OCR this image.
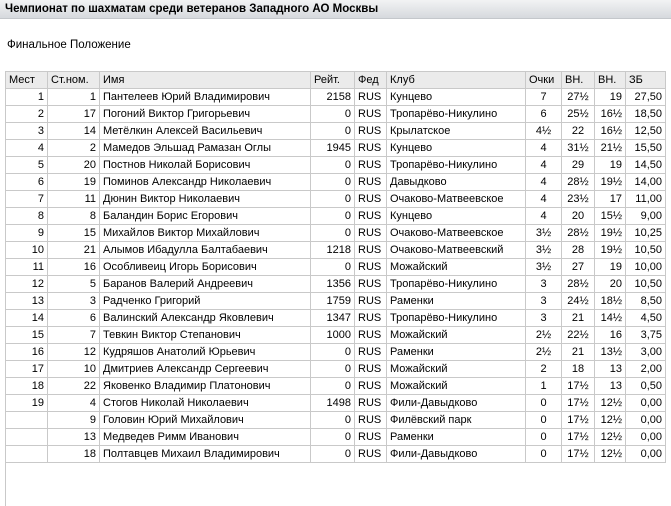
Чемпионат по шахматам среди ветеранов Западного АО Москвы
Финальное Положение
Мест	Ст.ном.	Имя	Рейт.	Фед	Клуб	Очки	ВН.	ВН.	ЗБ
1	1	Пантелеев Юрий Владимирович	2158	RUS	Кунцево	7	27½	19	27,50
2	17	Погоний Виктор Григорьевич	0	RUS	Тропарёво-Никулино	6	25½	16½	18,50
3	14	Метёлкин Алексей Васильевич	0	RUS	Крылатское	4½	22	16½	12,50
4	2	Мамедов Эльшад Рамазан Оглы	1945	RUS	Кунцево	4	31½	21½	15,50
5	20	Постнов Николай Борисович	0	RUS	Тропарёво-Никулино	4	29	19	14,50
6	19	Поминов Александр Николаевич	0	RUS	Давыдково	4	28½	19½	14,00
7	11	Дюнин Виктор Николаевич	0	RUS	Очаково-Матвеевское	4	23½	17	11,00
8	8	Баландин Борис Егорович	0	RUS	Кунцево	4	20	15½	9,00
9	15	Михайлов Виктор Михайлович	0	RUS	Очаково-Матвеевское	3½	28½	19½	10,25
10	21	Алымов Ибадулла Балтабаевич	1218	RUS	Очаково-Матвеевский	3½	28	19½	10,50
11	16	Особливеиц Игорь Борисович	0	RUS	Можайский	3½	27	19	10,00
12	5	Баранов Валерий Андреевич	1356	RUS	Тропарёво-Никулино	3	28½	20	10,50
13	3	Радченко Григорий	1759	RUS	Раменки	3	24½	18½	8,50
14	6	Валинский Александр Яковлевич	1347	RUS	Тропарёво-Никулино	3	21	14½	4,50
15	7	Тевкин Виктор Степанович	1000	RUS	Можайский	2½	22½	16	3,75
16	12	Кудряшов Анатолий Юрьевич	0	RUS	Раменки	2½	21	13½	3,00
17	10	Дмитриев Александр Сергеевич	0	RUS	Можайский	2	18	13	2,00
18	22	Яковенко Владимир Платонович	0	RUS	Можайский	1	17½	13	0,50
19	4	Стогов Николай Николаевич	1498	RUS	Фили-Давыдково	0	17½	12½	0,00
	9	Головин Юрий Михайлович	0	RUS	Филёвский парк	0	17½	12½	0,00
	13	Медведев Римм Иванович	0	RUS	Раменки	0	17½	12½	0,00
	18	Полтавцев Михаил Владимирович	0	RUS	Фили-Давыдково	0	17½	12½	0,00
